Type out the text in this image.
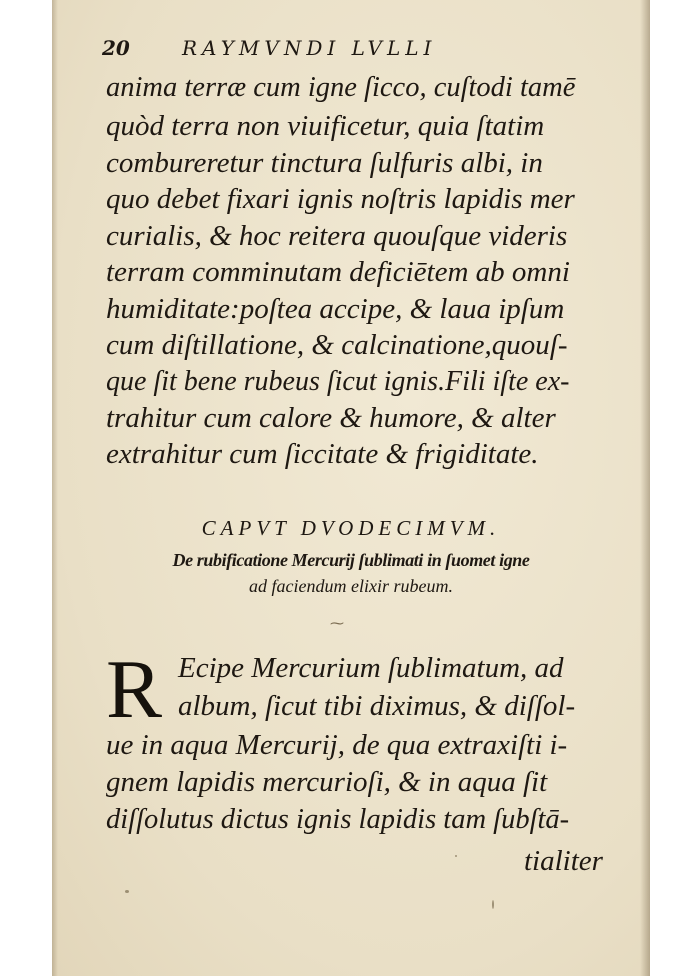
20	RAYMVNDI LVLLI
anima terræ cum igne ſicco, cuſtodi tamē
quòd terra non viuificetur, quia ſtatim
combureretur tinctura ſulfuris albi, in
quo debet fixari ignis noſtris lapidis mer
curialis, & hoc reitera quouſque videris
terram comminutam deficiētem ab omni
humiditate:poſtea accipe, & laua ipſum
cum diſtillatione, & calcinatione,quouſ-
que ſit bene rubeus ſicut ignis.Fili iſte ex-
trahitur cum calore & humore, & alter
extrahitur cum ſiccitate & frigiditate.
CAPVT DVODECIMVM.
De rubificatione Mercurij ſublimati in ſuomet igne
ad faciendum elixir rubeum.
⁓
R Ecipe Mercurium ſublimatum, ad
album, ſicut tibi diximus, & diſſol-
ue in aqua Mercurij, de qua extraxiſti i-
gnem lapidis mercurioſi, & in aqua ſit
diſſolutus dictus ignis lapidis tam ſubſtā-
tialiter
